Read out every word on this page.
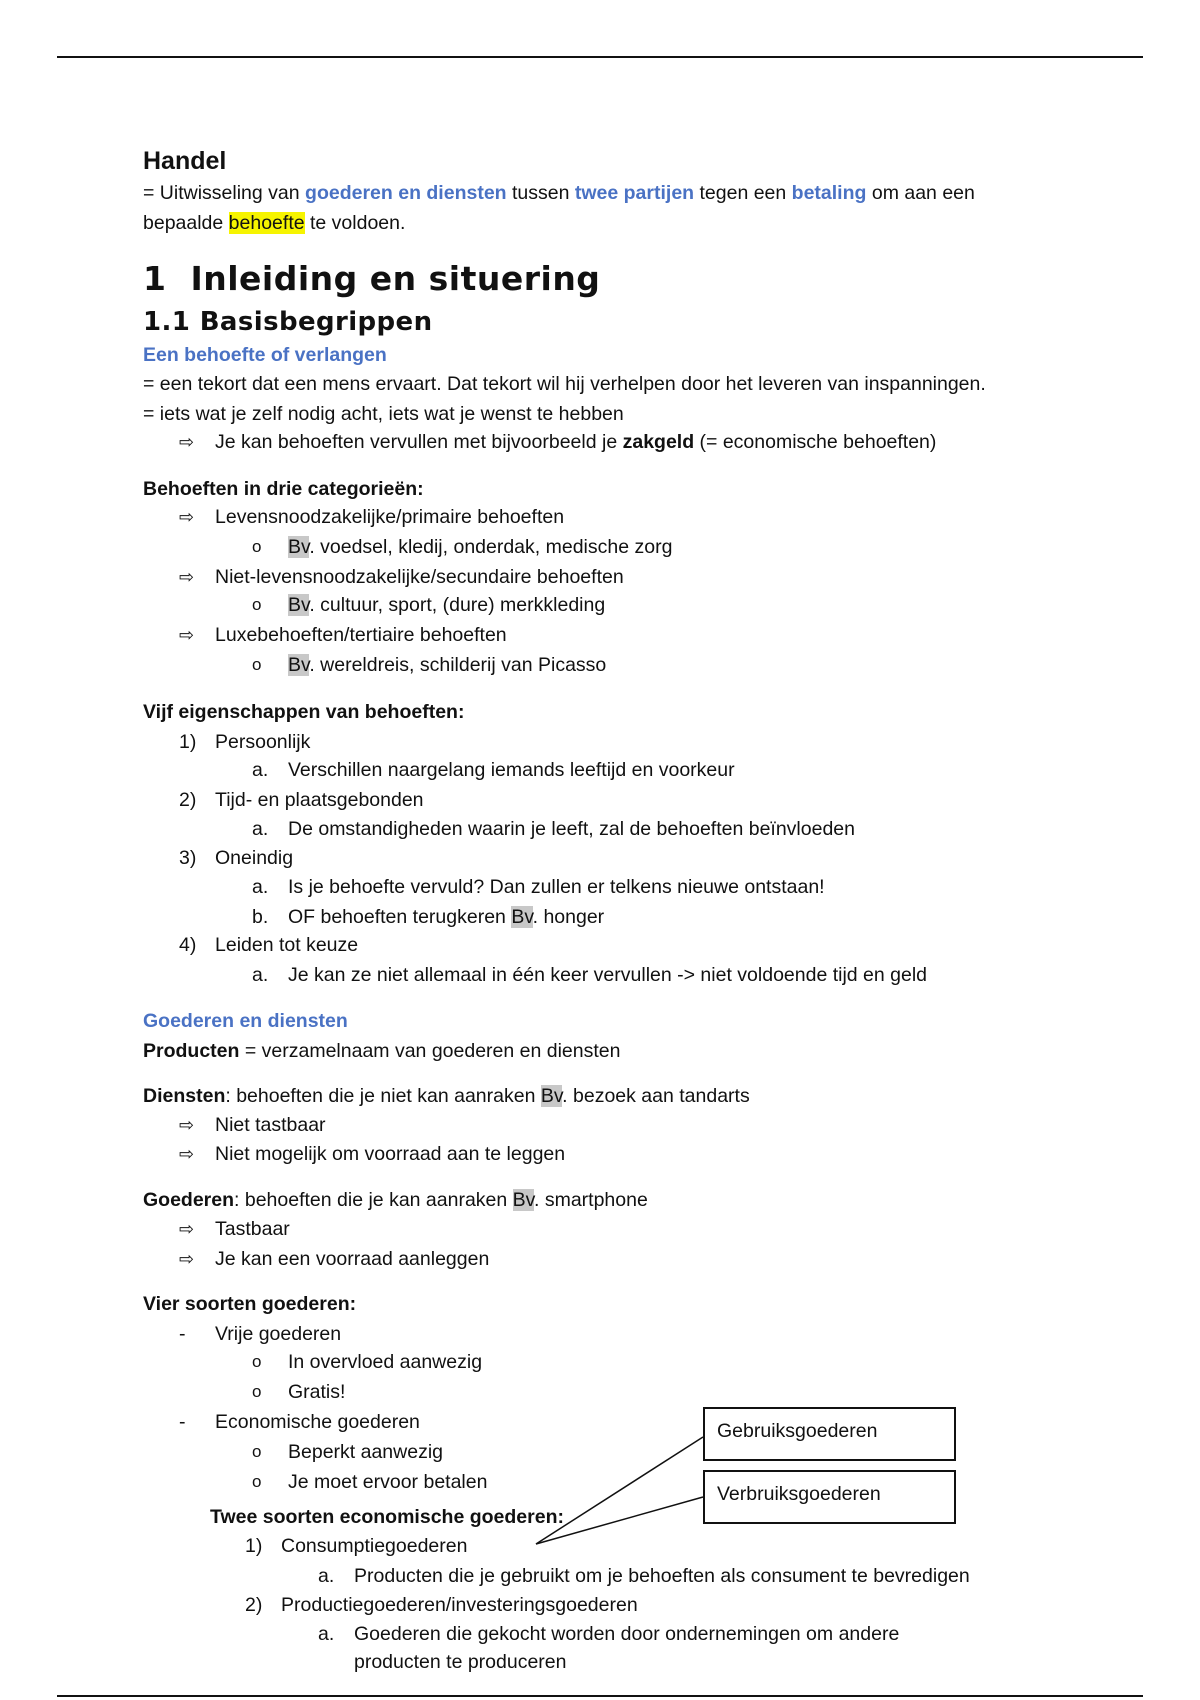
Handel
= Uitwisseling van goederen en diensten tussen twee partijen tegen een betaling om aan een
bepaalde behoefte te voldoen.
1 Inleiding en situering
1.1 Basisbegrippen
Een behoefte of verlangen
= een tekort dat een mens ervaart. Dat tekort wil hij verhelpen door het leveren van inspanningen.
= iets wat je zelf nodig acht, iets wat je wenst te hebben
⇨	Je kan behoeften vervullen met bijvoorbeeld je zakgeld (= economische behoeften)
Behoeften in drie categorieën:
⇨	Levensnoodzakelijke/primaire behoeften
o	Bv. voedsel, kledij, onderdak, medische zorg
⇨	Niet-levensnoodzakelijke/secundaire behoeften
o	Bv. cultuur, sport, (dure) merkkleding
⇨	Luxebehoeften/tertiaire behoeften
o	Bv. wereldreis, schilderij van Picasso
Vijf eigenschappen van behoeften:
1) Persoonlijk
a.	Verschillen naargelang iemands leeftijd en voorkeur
2) Tijd- en plaatsgebonden
a.	De omstandigheden waarin je leeft, zal de behoeften beïnvloeden
3) Oneindig
a.	Is je behoefte vervuld? Dan zullen er telkens nieuwe ontstaan!
b.	OF behoeften terugkeren Bv. honger
4) Leiden tot keuze
a.	Je kan ze niet allemaal in één keer vervullen -> niet voldoende tijd en geld
Goederen en diensten
Producten = verzamelnaam van goederen en diensten
Diensten: behoeften die je niet kan aanraken Bv. bezoek aan tandarts
⇨	Niet tastbaar
⇨	Niet mogelijk om voorraad aan te leggen
Goederen: behoeften die je kan aanraken Bv. smartphone
⇨	Tastbaar
⇨	Je kan een voorraad aanleggen
Vier soorten goederen:
-	Vrije goederen
o	In overvloed aanwezig
o	Gratis!
-	Economische goederen
o	Beperkt aanwezig
o	Je moet ervoor betalen
Twee soorten economische goederen:
1) Consumptiegoederen
a.	Producten die je gebruikt om je behoeften als consument te bevredigen
2) Productiegoederen/investeringsgoederen
a.	Goederen die gekocht worden door ondernemingen om andere
producten te produceren
Gebruiksgoederen
Verbruiksgoederen
